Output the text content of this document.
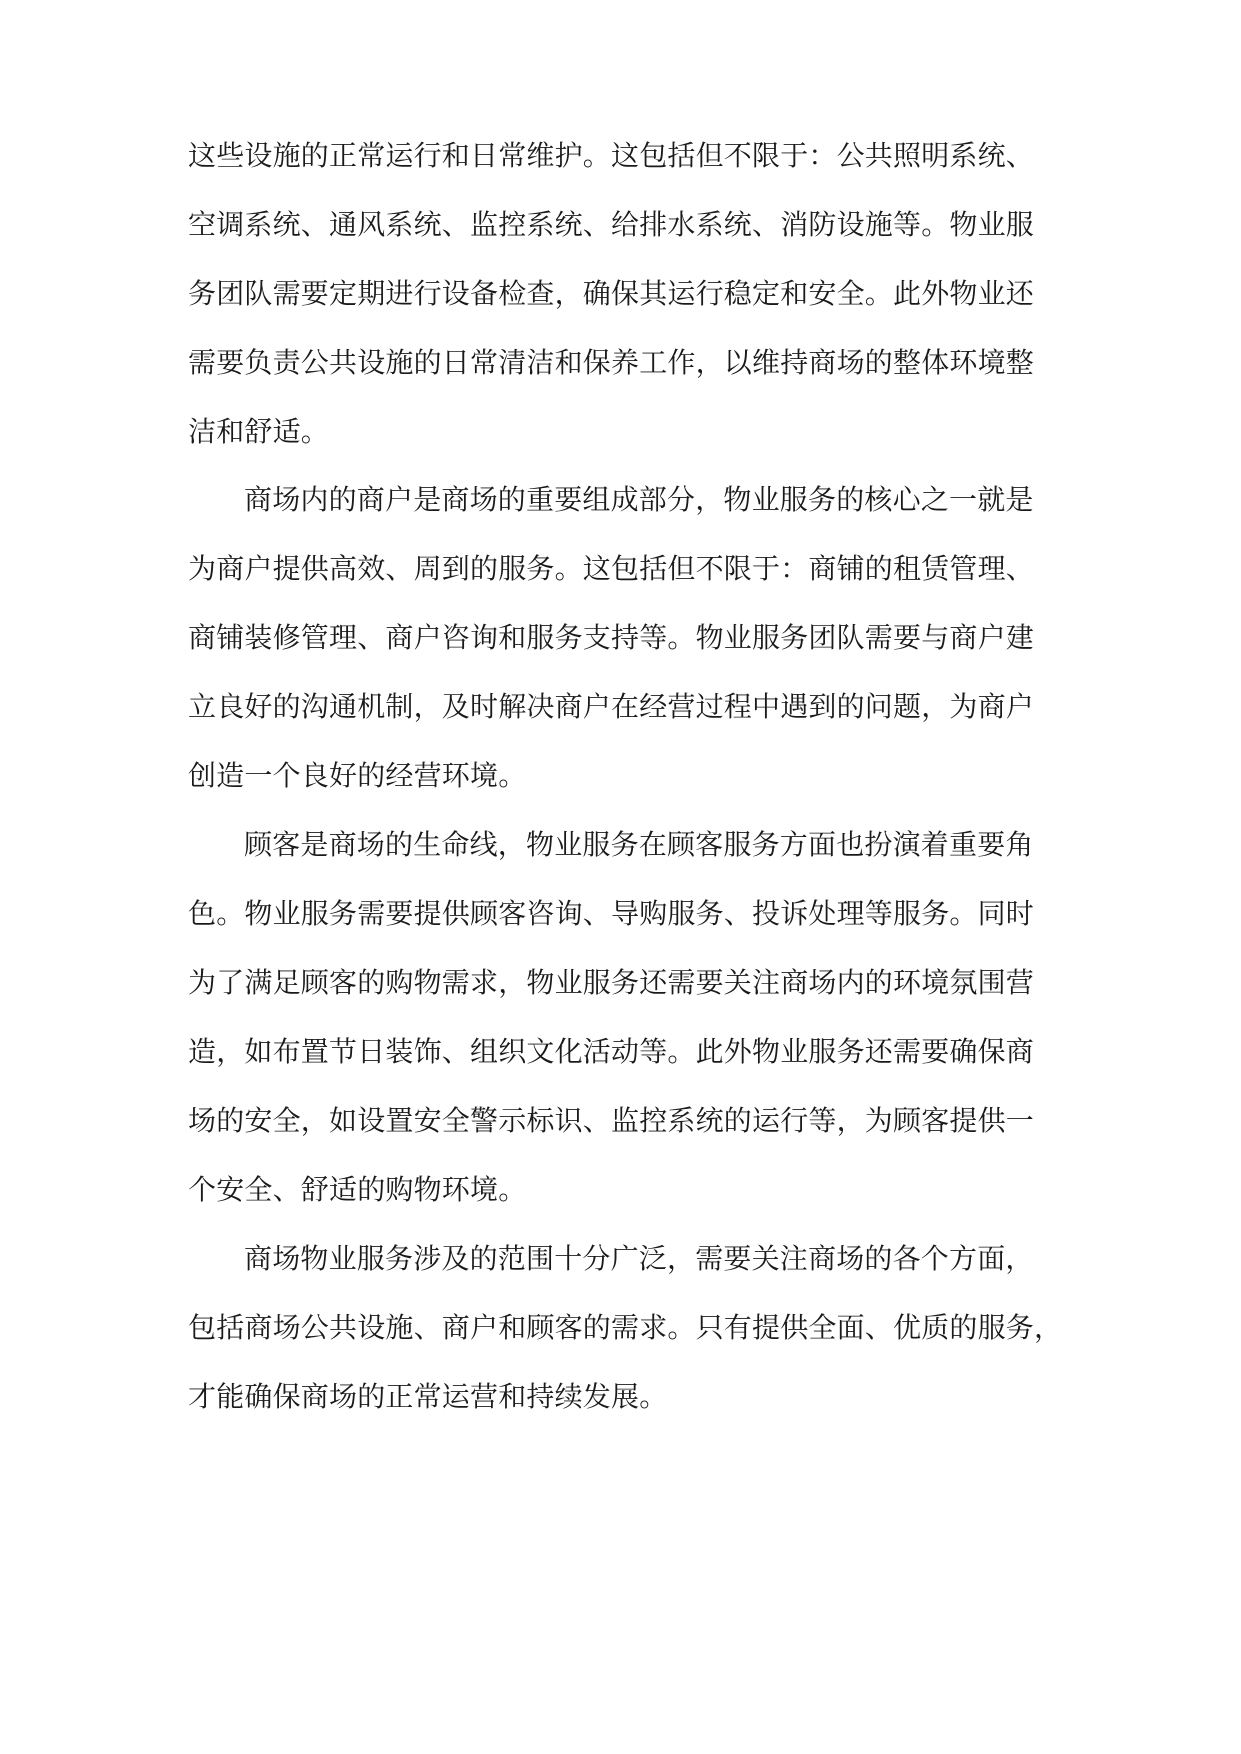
这些设施的正常运行和日常维护。这包括但不限于：公共照明系统、

空调系统、通风系统、监控系统、给排水系统、消防设施等。物业服

务团队需要定期进行设备检查，确保其运行稳定和安全。此外物业还

需要负责公共设施的日常清洁和保养工作，以维持商场的整体环境整

洁和舒适。

商场内的商户是商场的重要组成部分，物业服务的核心之一就是

为商户提供高效、周到的服务。这包括但不限于：商铺的租赁管理、

商铺装修管理、商户咨询和服务支持等。物业服务团队需要与商户建

立良好的沟通机制，及时解决商户在经营过程中遇到的问题，为商户

创造一个良好的经营环境。

顾客是商场的生命线，物业服务在顾客服务方面也扮演着重要角

色。物业服务需要提供顾客咨询、导购服务、投诉处理等服务。同时

为了满足顾客的购物需求，物业服务还需要关注商场内的环境氛围营

造，如布置节日装饰、组织文化活动等。此外物业服务还需要确保商

场的安全，如设置安全警示标识、监控系统的运行等，为顾客提供一

个安全、舒适的购物环境。

商场物业服务涉及的范围十分广泛，需要关注商场的各个方面，

包括商场公共设施、商户和顾客的需求。只有提供全面、优质的服务，

才能确保商场的正常运营和持续发展。
